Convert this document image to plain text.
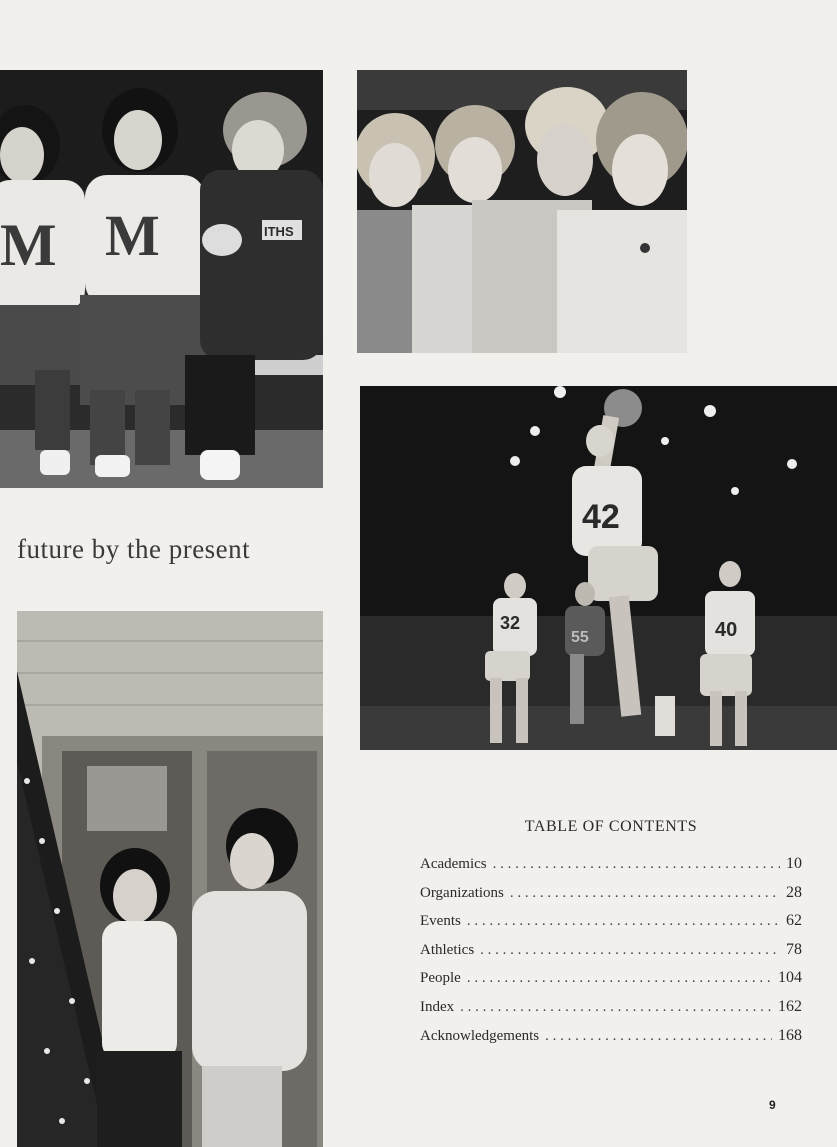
M M	ITHS
42
32
55	40
future by the present
TABLE OF CONTENTS
Academics . . .	10
Organizations . . .	28
Events . . .	62
Athletics . . .	78
People . . .	104
Index . . .	162
Acknowledgements . . .	168
9
